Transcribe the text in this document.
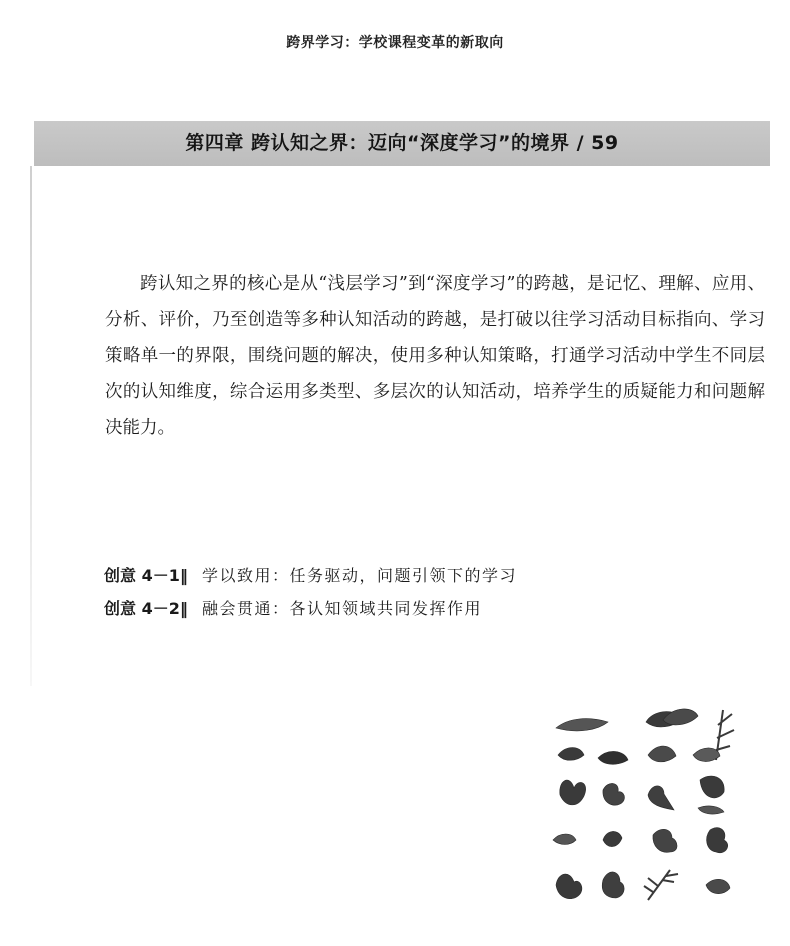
跨界学习：学校课程变革的新取向
第四章 跨认知之界：迈向“深度学习”的境界 / 59

跨认知之界的核心是从“浅层学习”到“深度学习”的跨越，是记忆、理解、应用、分析、评价，乃至创造等多种认知活动的跨越，是打破以往学习活动目标指向、学习策略单一的界限，围绕问题的解决，使用多种认知策略，打通学习活动中学生不同层次的认知维度，综合运用多类型、多层次的认知活动，培养学生的质疑能力和问题解决能力。

创意 4－1‖ 学以致用：任务驱动，问题引领下的学习
创意 4－2‖ 融会贯通：各认知领域共同发挥作用
